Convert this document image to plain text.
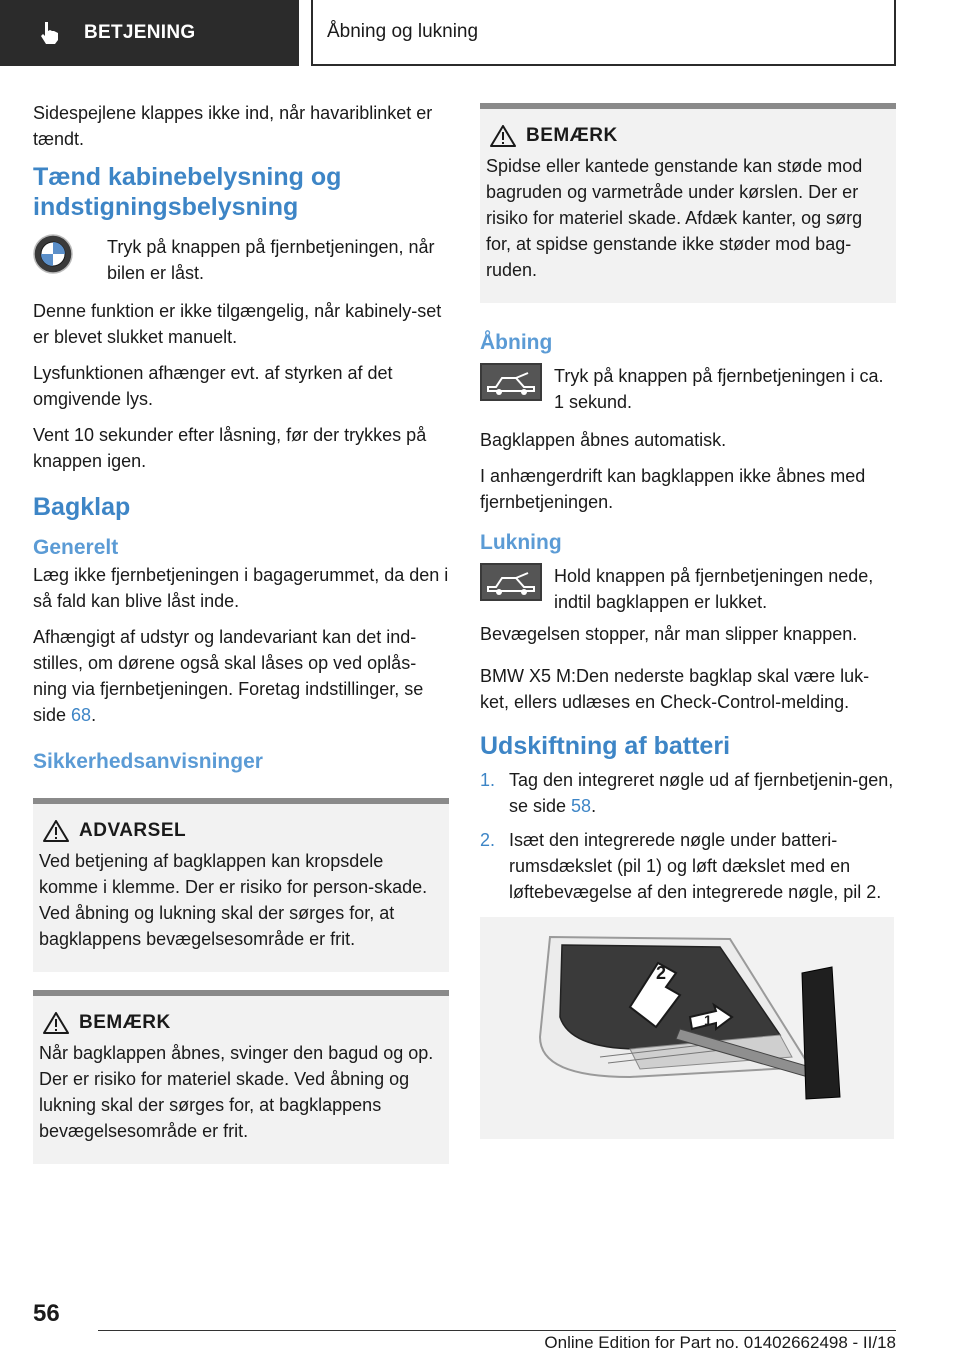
BETJENING	Åbning og lukning

Sidespejlene klappes ikke ind, når havariblinket er tændt.

Tænd kabinebelysning og indstigningsbelysning

Tryk på knappen på fjernbetjeningen, når bilen er låst.

Denne funktion er ikke tilgængelig, når kabinely-set er blevet slukket manuelt.

Lysfunktionen afhænger evt. af styrken af det omgivende lys.

Vent 10 sekunder efter låsning, før der trykkes på knappen igen.

Bagklap
Generelt

Læg ikke fjernbetjeningen i bagagerummet, da den i så fald kan blive låst inde.

Afhængigt af udstyr og landevariant kan det ind-stilles, om dørene også skal låses op ved oplås-ning via fjernbetjeningen. Foretag indstillinger, se side 68.

Sikkerhedsanvisninger
ADVARSEL

Ved betjening af bagklappen kan kropsdele komme i klemme. Der er risiko for person-skade. Ved åbning og lukning skal der sørges for, at bagklappens bevægelsesområde er frit.

BEMÆRK

Når bagklappen åbnes, svinger den bagud og op. Der er risiko for materiel skade. Ved åbning og lukning skal der sørges for, at bagklappens bevægelsesområde er frit.

BEMÆRK

Spidse eller kantede genstande kan støde mod bagruden og varmetråde under kørslen. Der er risiko for materiel skade. Afdæk kanter, og sørg for, at spidse genstande ikke støder mod bag-ruden.

Åbning

Tryk på knappen på fjernbetjeningen i ca. 1 sekund.

Bagklappen åbnes automatisk.

I anhængerdrift kan bagklappen ikke åbnes med fjernbetjeningen.

Lukning

Hold knappen på fjernbetjeningen nede, indtil bagklappen er lukket.

Bevægelsen stopper, når man slipper knappen.

BMW X5 M:Den nederste bagklap skal være luk-ket, ellers udlæses en Check-Control-melding.

Udskiftning af batteri
1. Tag den integreret nøgle ud af fjernbetjenin-gen, se side 58.
2. Isæt den integrerede nøgle under batteri-rumsdækslet (pil 1) og løft dækslet med en løftebevægelse af den integrerede nøgle, pil 2.
2
1
56
Online Edition for Part no. 01402662498 - II/18
